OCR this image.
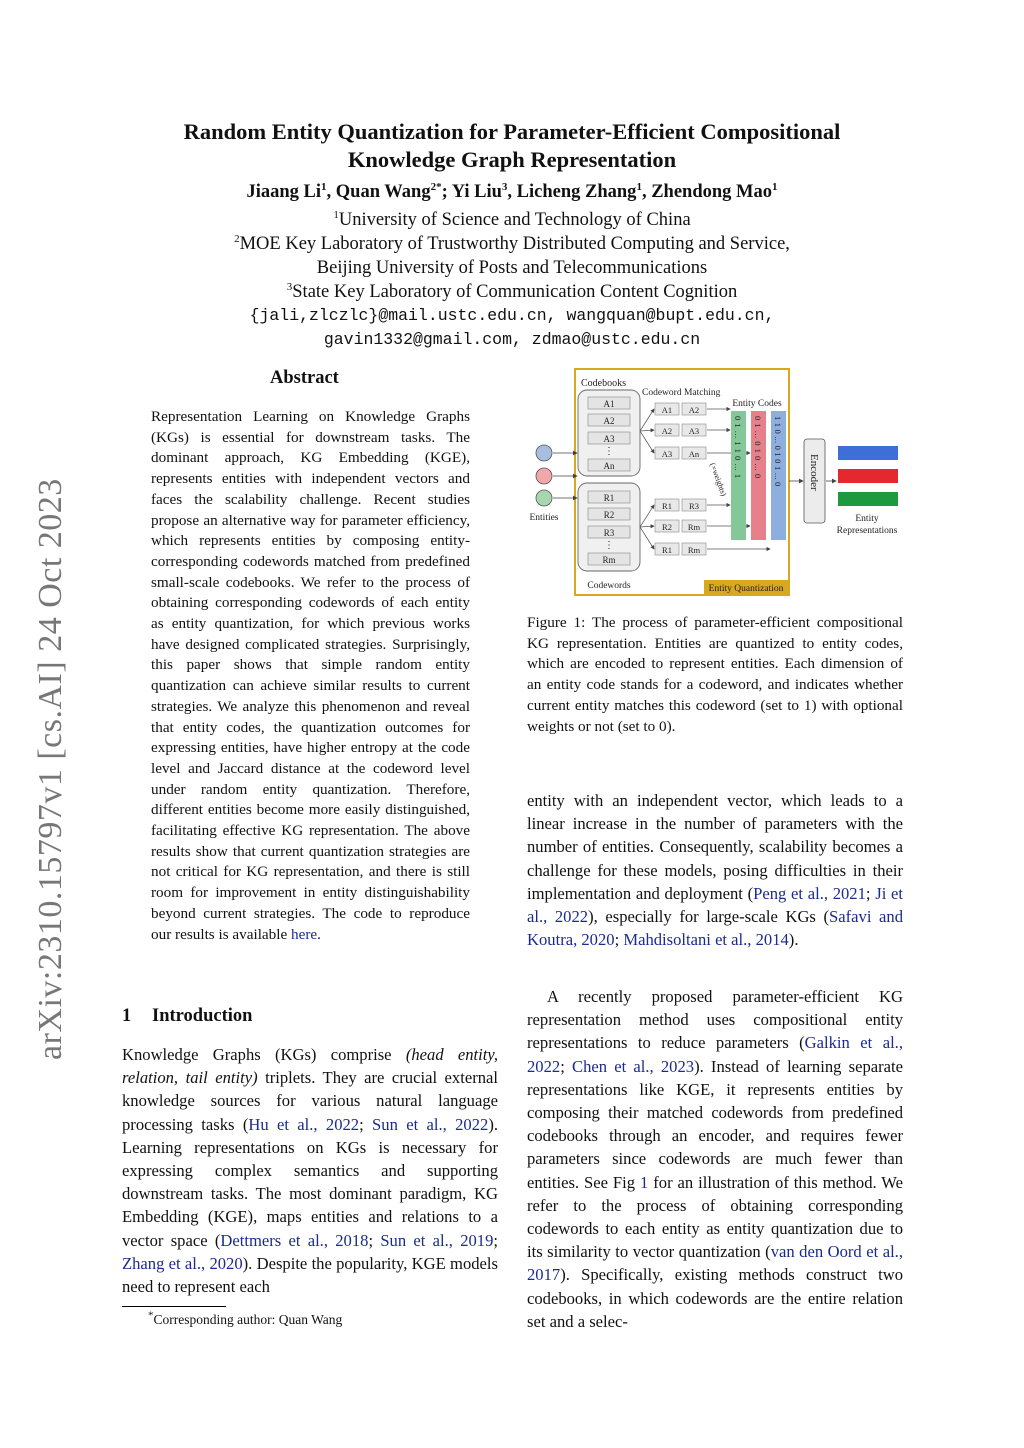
arXiv:2310.15797v1 [cs.AI] 24 Oct 2023
Random Entity Quantization for Parameter-Efficient Compositional
Knowledge Graph Representation
Jiaang Li$^1$, Quan Wang$^{2*}$; Yi Liu$^3$, Licheng Zhang$^1$, Zhendong Mao$^1$
$^1$University of Science and Technology of China
$^2$MOE Key Laboratory of Trustworthy Distributed Computing and Service,
Beijing University of Posts and Telecommunications
$^3$State Key Laboratory of Communication Content Cognition
{jali,zlczlc}@mail.ustc.edu.cn, wangquan@bupt.edu.cn,
gavin1332@gmail.com, zdmao@ustc.edu.cn
Abstract
Representation Learning on Knowledge Graphs (KGs) is essential for downstream tasks. The dominant approach, KG Embedding (KGE), represents entities with independent vectors and faces the scalability challenge. Recent studies propose an alternative way for parameter efficiency, which represents entities by composing entity-corresponding codewords matched from predefined small-scale codebooks. We refer to the process of obtaining corresponding codewords of each entity as entity quantization, for which previous works have designed complicated strategies. Surprisingly, this paper shows that simple random entity quantization can achieve similar results to current strategies. We analyze this phenomenon and reveal that entity codes, the quantization outcomes for expressing entities, have higher entropy at the code level and Jaccard distance at the codeword level under random entity quantization. Therefore, different entities become more easily distinguished, facilitating effective KG representation. The above results show that current quantization strategies are not critical for KG representation, and there is still room for improvement in entity distinguishability beyond current strategies. The code to reproduce our results is available here.
1 Introduction
Knowledge Graphs (KGs) comprise (head entity, relation, tail entity) triplets. They are crucial external knowledge sources for various natural language processing tasks (Hu et al., 2022; Sun et al., 2022). Learning representations on KGs is necessary for expressing complex semantics and supporting downstream tasks. The most dominant paradigm, KG Embedding (KGE), maps entities and relations to a vector space (Dettmers et al., 2018; Sun et al., 2019; Zhang et al., 2020). Despite the popularity, KGE models need to represent each
*Corresponding author: Quan Wang
Entity Quantization
Entities
Codebooks
A1
A2
A3
⋮
An
R1
R2
R3
⋮
Rm
Codewords
Codeword Matching
A1 A2
A2 A3
A3 An
R1 R3
R2 Rm
R1 Rm
(×weights)
Entity Codes
0 1 ... 1 1 0 ... 1 0 1 ... 0 1 0 ... 0 1 1 0 ... 0 1 0 1 ... 0 Encoder
Entity
Representations
Figure 1: The process of parameter-efficient compositional KG representation. Entities are quantized to entity codes, which are encoded to represent entities. Each dimension of an entity code stands for a codeword, and indicates whether current entity matches this codeword (set to 1) with optional weights or not (set to 0).
entity with an independent vector, which leads to a linear increase in the number of parameters with the number of entities. Consequently, scalability becomes a challenge for these models, posing difficulties in their implementation and deployment (Peng et al., 2021; Ji et al., 2022), especially for large-scale KGs (Safavi and Koutra, 2020; Mahdisoltani et al., 2014).

A recently proposed parameter-efficient KG representation method uses compositional entity representations to reduce parameters (Galkin et al., 2022; Chen et al., 2023). Instead of learning separate representations like KGE, it represents entities by composing their matched codewords from predefined codebooks through an encoder, and requires fewer parameters since codewords are much fewer than entities. See Fig 1 for an illustration of this method. We refer to the process of obtaining corresponding codewords to each entity as entity quantization due to its similarity to vector quantization (van den Oord et al., 2017). Specifically, existing methods construct two codebooks, in which codewords are the entire relation set and a selec-
